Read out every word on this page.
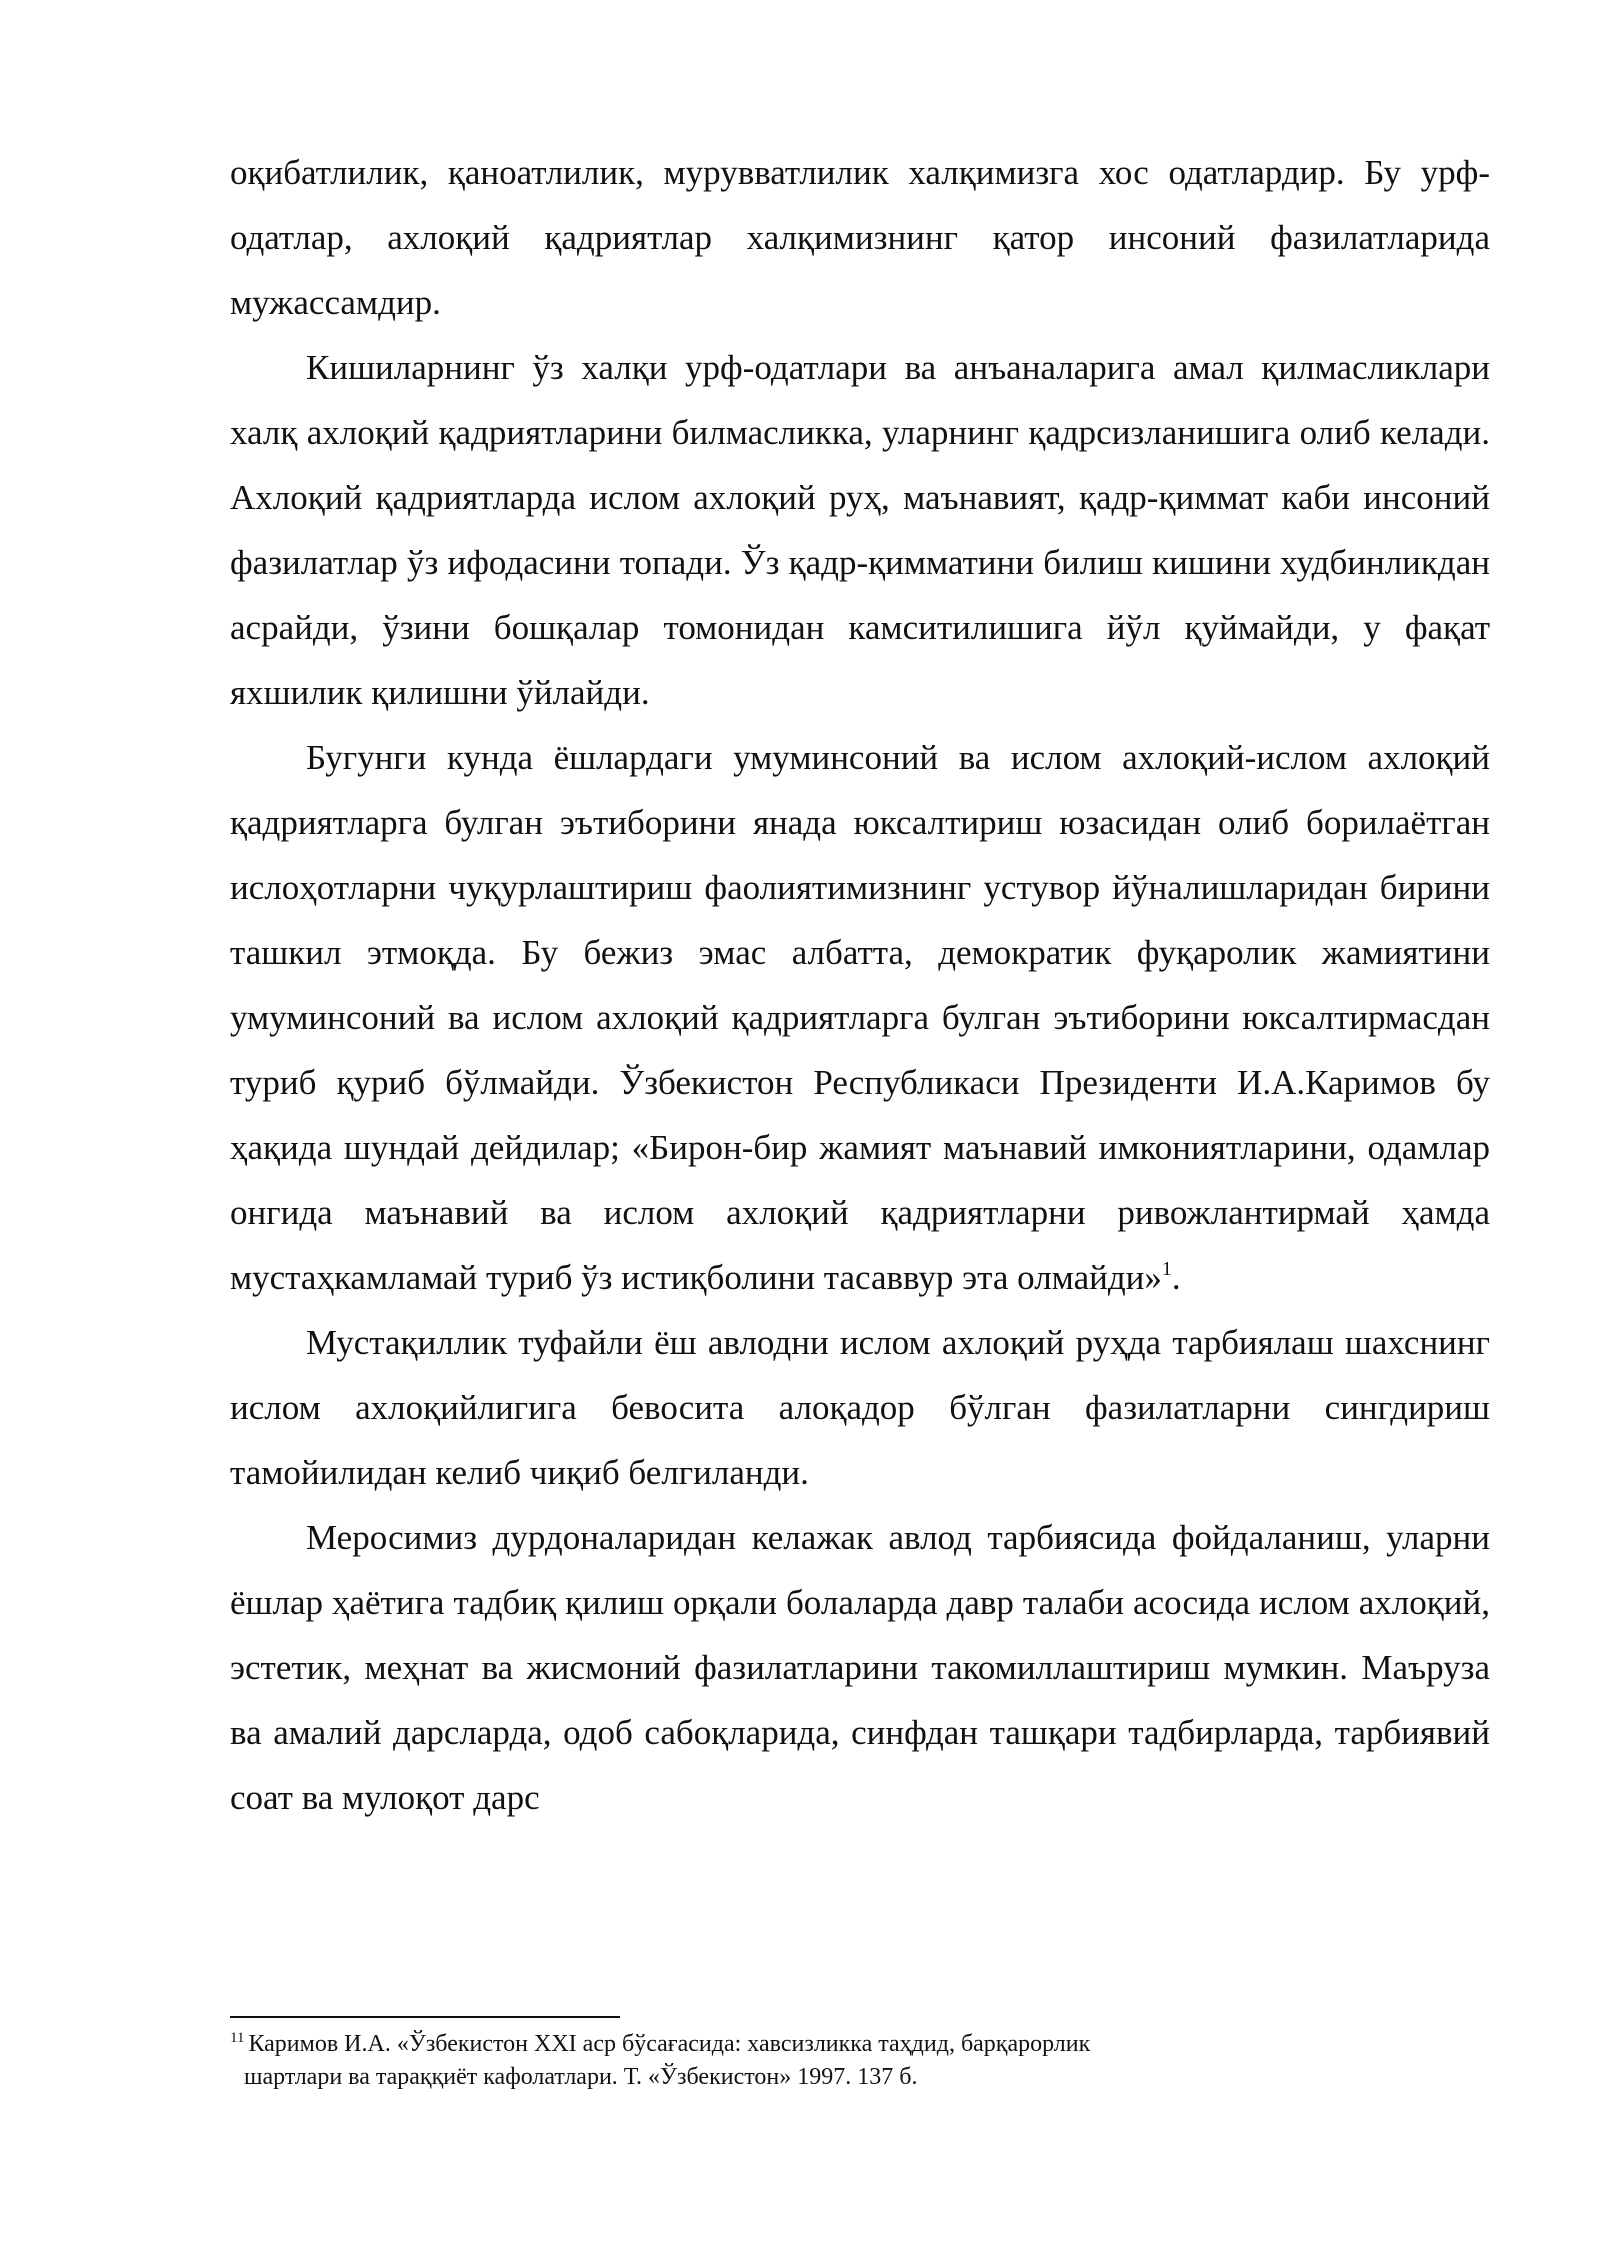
оқибатлилик, қаноатлилик, мурувватлилик халқимизга хос одатлардир. Бу урф-одатлар, ахлоқий қадриятлар халқимизнинг қатор инсоний фазилатларида мужассамдир.

Кишиларнинг ўз халқи урф-одатлари ва анъаналарига амал қилмасликлари халқ ахлоқий қадриятларини билмасликка, уларнинг қадрсизланишига олиб келади. Ахлоқий қадриятларда ислом ахлоқий руҳ, маънавият, қадр-қиммат каби инсоний фазилатлар ўз ифодасини топади. Ўз қадр-қимматини билиш кишини худбинликдан асрайди, ўзини бошқалар томонидан камситилишига йўл қуймайди, у фақат яхшилик қилишни ўйлайди.

Бугунги кунда ёшлардаги умуминсоний ва ислом ахлоқий-ислом ахлоқий қадриятларга булган эътиборини янада юксалтириш юзасидан олиб борилаётган ислоҳотларни чуқурлаштириш фаолиятимизнинг устувор йўналишларидан бирини ташкил этмоқда. Бу бежиз эмас албатта, демократик фуқаролик жамиятини умуминсоний ва ислом ахлоқий қадриятларга булган эътиборини юксалтирмасдан туриб қуриб бўлмайди. Ўзбекистон Республикаси Президенти И.А.Каримов бу ҳақида шундай дейдилар; «Бирон-бир жамият маънавий имкониятларини, одамлар онгида маънавий ва ислом ахлоқий қадриятларни ривожлантирмай ҳамда мустаҳкамламай туриб ўз истиқболини тасаввур эта олмайди»$^1$.

Мустақиллик туфайли ёш авлодни ислом ахлоқий руҳда тарбиялаш шахснинг ислом ахлоқийлигига бевосита алоқадор бўлган фазилатларни сингдириш тамойилидан келиб чиқиб белгиланди.

Меросимиз дурдоналаридан келажак авлод тарбиясида фойдаланиш, уларни ёшлар ҳаётига тадбиқ қилиш орқали болаларда давр талаби асосида ислом ахлоқий, эстетик, меҳнат ва жисмоний фазилатларини такомиллаштириш мумкин. Маъруза ва амалий дарсларда, одоб сабоқларида, синфдан ташқари тадбирларда, тарбиявий соат ва мулоқот дарс

$^{11}$ Каримов И.А. «Ўзбекистон XXI аср бўсағасида: хавсизликка таҳдид, барқарорлик
шартлари ва тараққиёт кафолатлари. Т. «Ўзбекистон» 1997. 137 б.
